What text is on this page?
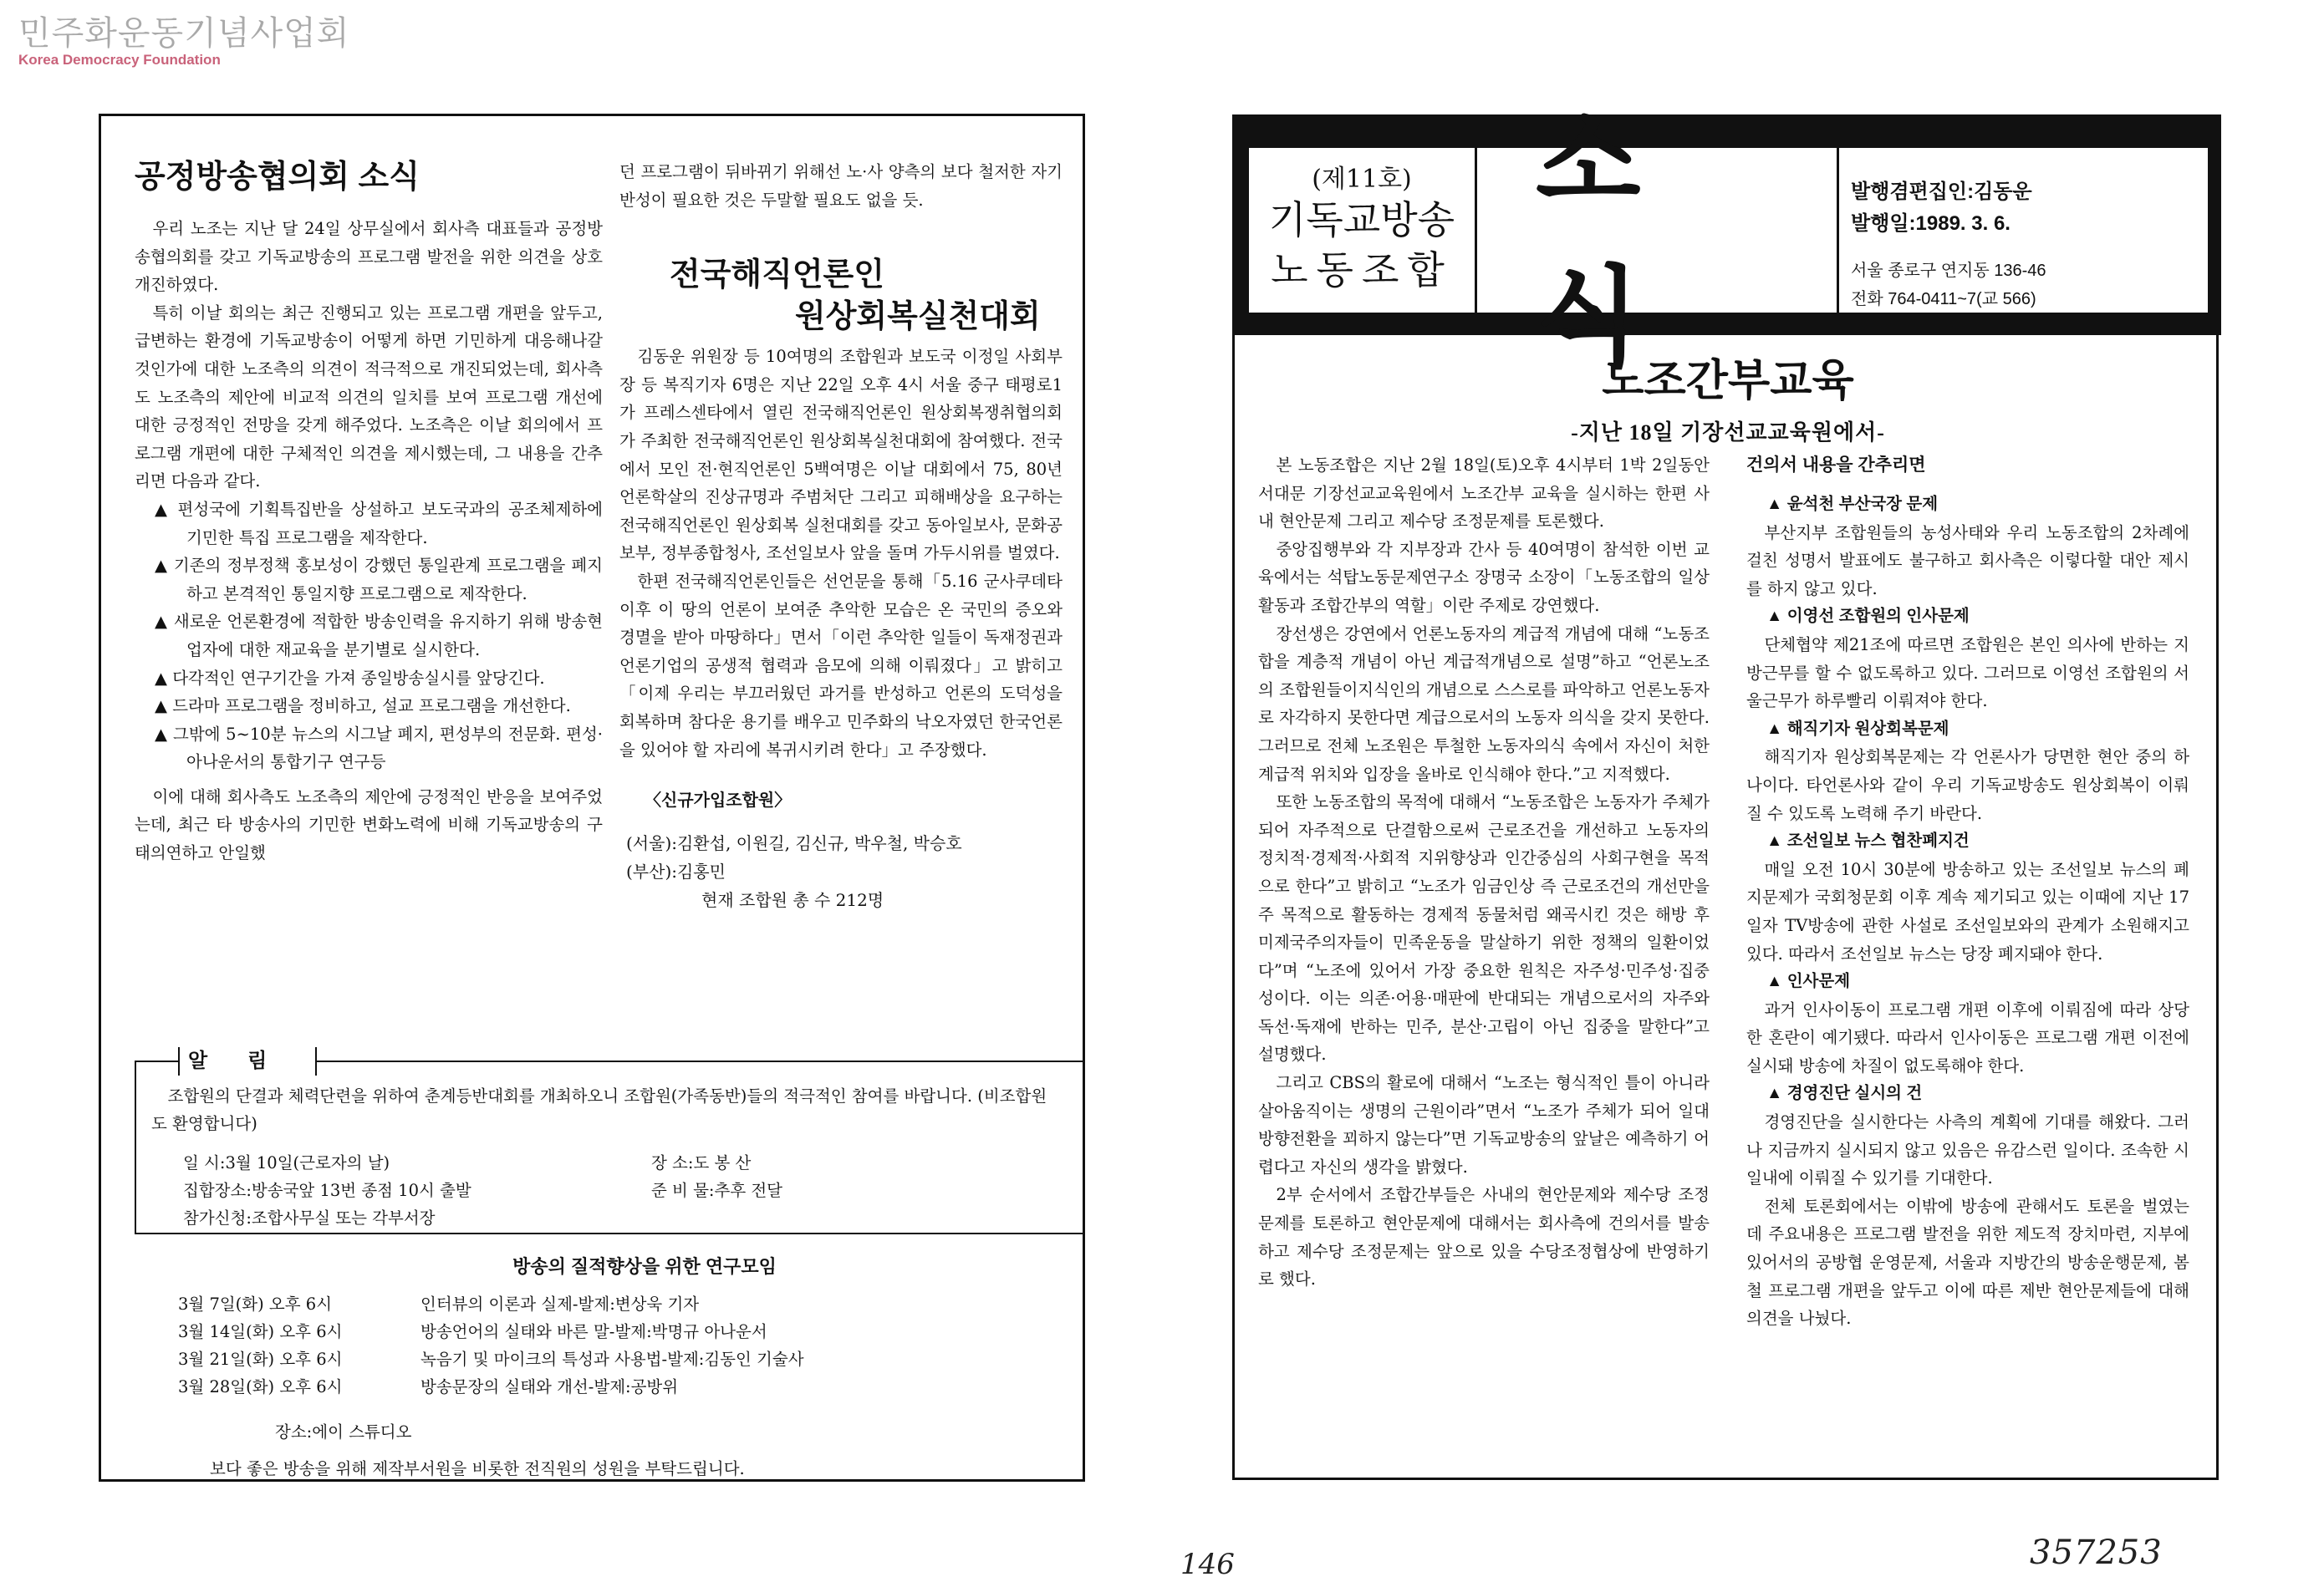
민주화운동기념사업회
Korea Democracy Foundation
공정방송협의회 소식

우리 노조는 지난 달 24일 상무실에서 회사측 대표들과 공정방송협의회를 갖고 기독교방송의 프로그램 발전을 위한 의견을 상호 개진하였다.

특히 이날 회의는 최근 진행되고 있는 프로그램 개편을 앞두고, 급변하는 환경에 기독교방송이 어떻게 하면 기민하게 대응해나갈 것인가에 대한 노조측의 의견이 적극적으로 개진되었는데, 회사측도 노조측의 제안에 비교적 의견의 일치를 보여 프로그램 개선에 대한 긍정적인 전망을 갖게 해주었다. 노조측은 이날 회의에서 프로그램 개편에 대한 구체적인 의견을 제시했는데, 그 내용을 간추리면 다음과 같다.

▲ 편성국에 기획특집반을 상설하고 보도국과의 공조체제하에 기민한 특집 프로그램을 제작한다.
▲ 기존의 정부정책 홍보성이 강했던 통일관계 프로그램을 폐지하고 본격적인 통일지향 프로그램으로 제작한다.
▲ 새로운 언론환경에 적합한 방송인력을 유지하기 위해 방송현업자에 대한 재교육을 분기별로 실시한다.
▲ 다각적인 연구기간을 가져 종일방송실시를 앞당긴다.
▲ 드라마 프로그램을 정비하고, 설교 프로그램을 개선한다.
▲ 그밖에 5∼10분 뉴스의 시그날 폐지, 편성부의 전문화. 편성·아나운서의 통합기구 연구등

이에 대해 회사측도 노조측의 제안에 긍정적인 반응을 보여주었는데, 최근 타 방송사의 기민한 변화노력에 비해 기독교방송의 구태의연하고 안일했

던 프로그램이 뒤바뀌기 위해선 노·사 양측의 보다 철저한 자기반성이 필요한 것은 두말할 필요도 없을 듯.

전국해직언론인
원상회복실천대회

김동운 위원장 등 10여명의 조합원과 보도국 이정일 사회부장 등 복직기자 6명은 지난 22일 오후 4시 서울 중구 태평로1가 프레스센타에서 열린 전국해직언론인 원상회복쟁취협의회가 주최한 전국해직언론인 원상회복실천대회에 참여했다. 전국에서 모인 전·현직언론인 5백여명은 이날 대회에서 75, 80년 언론학살의 진상규명과 주범처단 그리고 피해배상을 요구하는 전국해직언론인 원상회복 실천대회를 갖고 동아일보사, 문화공보부, 정부종합청사, 조선일보사 앞을 돌며 가두시위를 벌였다.

한편 전국해직언론인들은 선언문을 통해「5.16 군사쿠데타 이후 이 땅의 언론이 보여준 추악한 모습은 온 국민의 증오와 경멸을 받아 마땅하다」면서「이런 추악한 일들이 독재정권과 언론기업의 공생적 협력과 음모에 의해 이뤄졌다」고 밝히고「이제 우리는 부끄러웠던 과거를 반성하고 언론의 도덕성을 회복하며 참다운 용기를 배우고 민주화의 낙오자였던 한국언론을 있어야 할 자리에 복귀시키려 한다」고 주장했다.

〈신규가입조합원〉
(서울):김환섭, 이원길, 김신규, 박우철, 박승호
(부산):김홍민
현재 조합원 총 수 212명
알림

조합원의 단결과 체력단련을 위하여 춘계등반대회를 개최하오니 조합원(가족동반)들의 적극적인 참여를 바랍니다. (비조합원도 환영합니다)

일 시:3월 10일(근로자의 날)	장 소:도 봉 산
집합장소:방송국앞 13번 종점 10시 출발	준 비 물:추후 전달
참가신청:조합사무실 또는 각부서장
방송의 질적향상을 위한 연구모임
3월 7일(화) 오후 6시	인터뷰의 이론과 실제-발제:변상욱 기자
3월 14일(화) 오후 6시	방송언어의 실태와 바른 말-발제:박명규 아나운서
3월 21일(화) 오후 6시	녹음기 및 마이크의 특성과 사용법-발제:김동인 기술사
3월 28일(화) 오후 6시	방송문장의 실태와 개선-발제:공방위
장소:에이 스튜디오
보다 좋은 방송을 위해 제작부서원을 비롯한 전직원의 성원을 부탁드립니다.
(제11호)
기독교방송
노동조합
소식
발행겸편집인:김동운
발행일:1989. 3. 6.
서울 종로구 연지동 136-46
전화 764-0411~7(교 566)
노조간부교육
-지난 18일 기장선교교육원에서-

본 노동조합은 지난 2월 18일(토)오후 4시부터 1박 2일동안 서대문 기장선교교육원에서 노조간부 교육을 실시하는 한편 사내 현안문제 그리고 제수당 조정문제를 토론했다.

중앙집행부와 각 지부장과 간사 등 40여명이 참석한 이번 교육에서는 석탑노동문제연구소 장명국 소장이「노동조합의 일상활동과 조합간부의 역할」이란 주제로 강연했다.

장선생은 강연에서 언론노동자의 계급적 개념에 대해 “노동조합을 계층적 개념이 아닌 계급적개념으로 설명”하고 “언론노조의 조합원들이지식인의 개념으로 스스로를 파악하고 언론노동자로 자각하지 못한다면 계급으로서의 노동자 의식을 갖지 못한다. 그러므로 전체 노조원은 투철한 노동자의식 속에서 자신이 처한 계급적 위치와 입장을 올바로 인식해야 한다.”고 지적했다.

또한 노동조합의 목적에 대해서 “노동조합은 노동자가 주체가 되어 자주적으로 단결함으로써 근로조건을 개선하고 노동자의 정치적·경제적·사회적 지위향상과 인간중심의 사회구현을 목적으로 한다”고 밝히고 “노조가 임금인상 즉 근로조건의 개선만을 주 목적으로 활동하는 경제적 동물처럼 왜곡시킨 것은 해방 후 미제국주의자들이 민족운동을 말살하기 위한 정책의 일환이었다”며 “노조에 있어서 가장 중요한 원칙은 자주성·민주성·집중성이다. 이는 의존·어용·매판에 반대되는 개념으로서의 자주와 독선·독재에 반하는 민주, 분산·고립이 아닌 집중을 말한다”고 설명했다.

그리고 CBS의 활로에 대해서 “노조는 형식적인 틀이 아니라 살아움직이는 생명의 근원이라”면서 “노조가 주체가 되어 일대 방향전환을 꾀하지 않는다”면 기독교방송의 앞날은 예측하기 어렵다고 자신의 생각을 밝혔다.

2부 순서에서 조합간부들은 사내의 현안문제와 제수당 조정문제를 토론하고 현안문제에 대해서는 회사측에 건의서를 발송하고 제수당 조정문제는 앞으로 있을 수당조정협상에 반영하기로 했다.

건의서 내용을 간추리면
▲ 윤석천 부산국장 문제

부산지부 조합원들의 농성사태와 우리 노동조합의 2차례에 걸친 성명서 발표에도 불구하고 회사측은 이렇다할 대안 제시를 하지 않고 있다.

▲ 이영선 조합원의 인사문제

단체협약 제21조에 따르면 조합원은 본인 의사에 반하는 지방근무를 할 수 없도록하고 있다. 그러므로 이영선 조합원의 서울근무가 하루빨리 이뤄져야 한다.

▲ 해직기자 원상회복문제

해직기자 원상회복문제는 각 언론사가 당면한 현안 중의 하나이다. 타언론사와 같이 우리 기독교방송도 원상회복이 이뤄질 수 있도록 노력해 주기 바란다.

▲ 조선일보 뉴스 협찬폐지건

매일 오전 10시 30분에 방송하고 있는 조선일보 뉴스의 폐지문제가 국회청문회 이후 계속 제기되고 있는 이때에 지난 17일자 TV방송에 관한 사설로 조선일보와의 관계가 소원해지고 있다. 따라서 조선일보 뉴스는 당장 폐지돼야 한다.

▲ 인사문제

과거 인사이동이 프로그램 개편 이후에 이뤄짐에 따라 상당한 혼란이 예기됐다. 따라서 인사이동은 프로그램 개편 이전에 실시돼 방송에 차질이 없도록해야 한다.

▲ 경영진단 실시의 건

경영진단을 실시한다는 사측의 계획에 기대를 해왔다. 그러나 지금까지 실시되지 않고 있음은 유감스런 일이다. 조속한 시일내에 이뤄질 수 있기를 기대한다.

전체 토론회에서는 이밖에 방송에 관해서도 토론을 벌였는 데 주요내용은 프로그램 발전을 위한 제도적 장치마련, 지부에 있어서의 공방협 운영문제, 서울과 지방간의 방송운행문제, 봄철 프로그램 개편을 앞두고 이에 따른 제반 현안문제들에 대해 의견을 나눴다.

146	357253
